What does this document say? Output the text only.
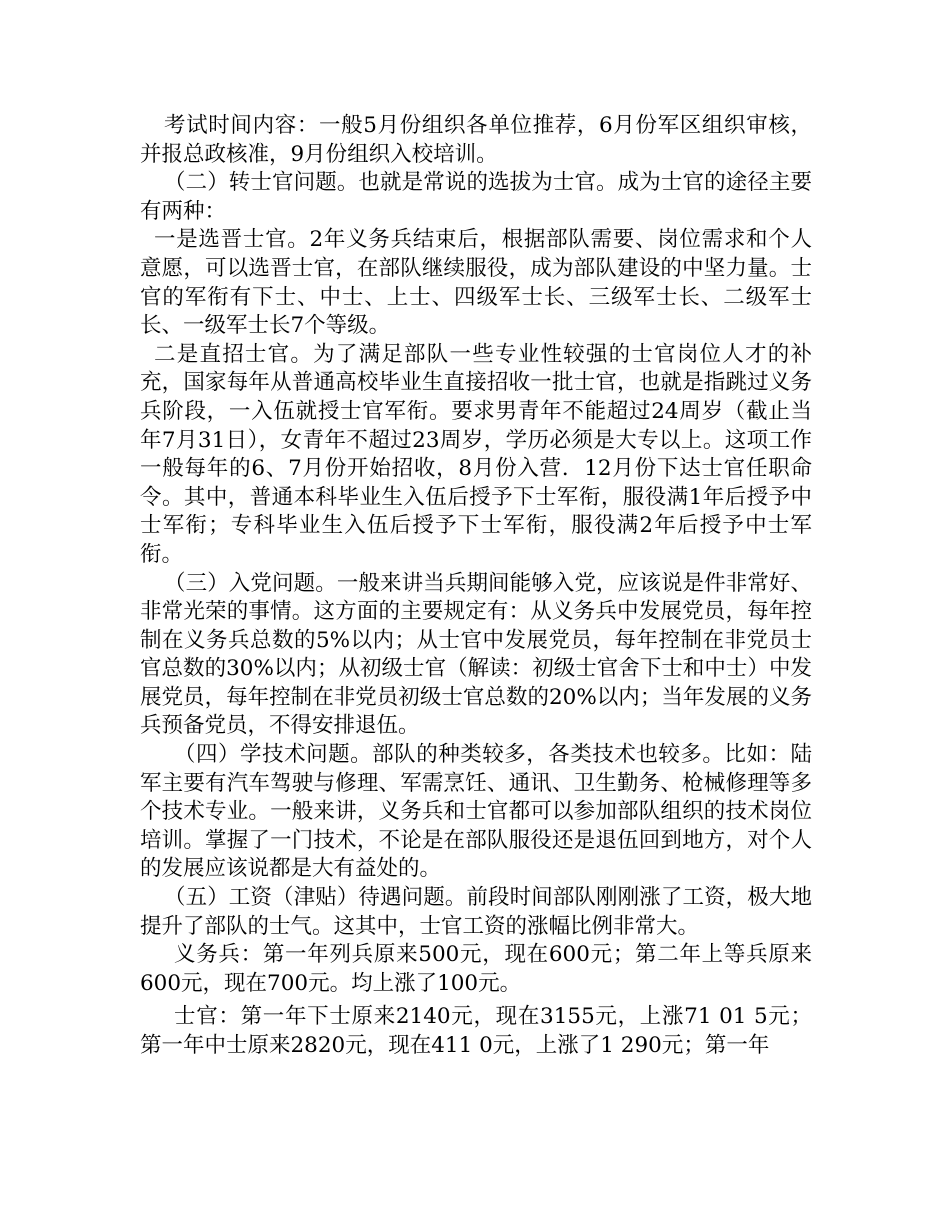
考试时间内容：一般5月份组织各单位推荐，6月份军区组织审核，并报总政核准，9月份组织入校培训。

（二）转士官问题。也就是常说的选拔为士官。成为士官的途径主要有两种：

一是选晋士官。2年义务兵结束后，根据部队需要、岗位需求和个人意愿，可以选晋士官，在部队继续服役，成为部队建设的中坚力量。士官的军衔有下士、中士、上士、四级军士长、三级军士长、二级军士长、一级军士长7个等级。

二是直招士官。为了满足部队一些专业性较强的士官岗位人才的补充，国家每年从普通高校毕业生直接招收一批士官，也就是指跳过义务兵阶段，一入伍就授士官军衔。要求男青年不能超过24周岁（截止当年7月31日），女青年不超过23周岁，学历必须是大专以上。这项工作一般每年的6、7月份开始招收，8月份入营．12月份下达士官任职命令。其中，普通本科毕业生入伍后授予下士军衔，服役满1年后授予中士军衔；专科毕业生入伍后授予下士军衔，服役满2年后授予中士军衔。

（三）入党问题。一般来讲当兵期间能够入党，应该说是件非常好、非常光荣的事情。这方面的主要规定有：从义务兵中发展党员，每年控制在义务兵总数的5%以内；从士官中发展党员，每年控制在非党员士官总数的30%以内；从初级士官（解读：初级士官舍下士和中士）中发展党员，每年控制在非党员初级士官总数的20%以内；当年发展的义务兵预备党员，不得安排退伍。

（四）学技术问题。部队的种类较多，各类技术也较多。比如：陆军主要有汽车驾驶与修理、军需烹饪、通讯、卫生勤务、枪械修理等多个技术专业。一般来讲，义务兵和士官都可以参加部队组织的技术岗位培训。掌握了一门技术，不论是在部队服役还是退伍回到地方，对个人的发展应该说都是大有益处的。

（五）工资（津贴）待遇问题。前段时间部队刚刚涨了工资，极大地提升了部队的士气。这其中，士官工资的涨幅比例非常大。

义务兵：第一年列兵原来500元，现在600元；第二年上等兵原来600元，现在700元。均上涨了100元。

士官：第一年下士原来2140元，现在3155元，上涨71 01 5元；第一年中士原来2820元，现在411 0元，上涨了1 290元；第一年
